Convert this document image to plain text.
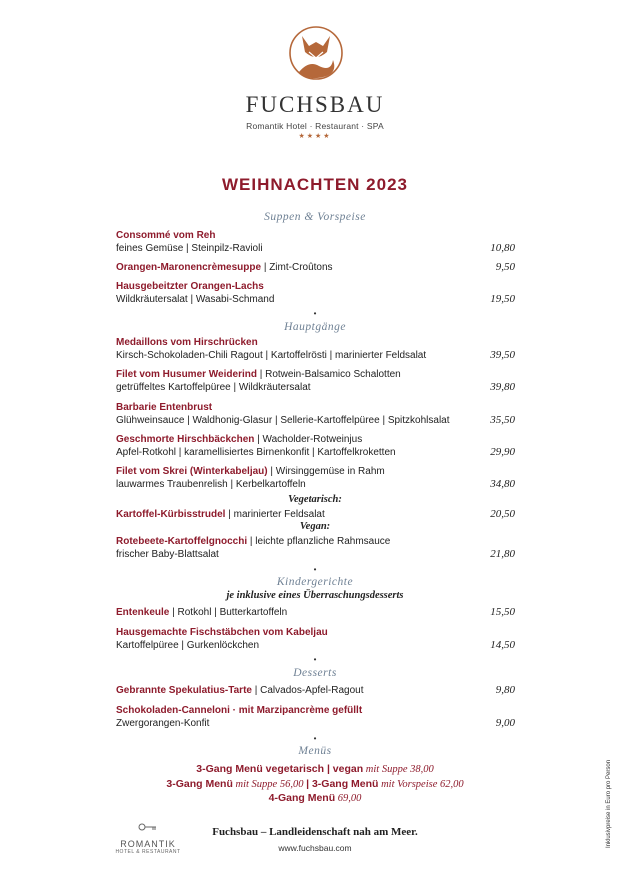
FUCHSBAU
Romantik Hotel · Restaurant · SPA
★★★★
WEIHNACHTEN 2023
Suppen & Vorspeise
Consommé vom Reh
feines Gemüse | Steinpilz-Ravioli	10,80
Orangen-Maronencrèmesuppe | Zimt-Croûtons	9,50
Hausgebeitzter Orangen-Lachs
Wildkräutersalat | Wasabi-Schmand	19,50
•
Hauptgänge
Medaillons vom Hirschrücken
Kirsch-Schokoladen-Chili Ragout | Kartoffelrösti | marinierter Feldsalat	39,50
Filet vom Husumer Weiderind | Rotwein-Balsamico Schalotten
getrüffeltes Kartoffelpüree | Wildkräutersalat	39,80
Barbarie Entenbrust
Glühweinsauce | Waldhonig-Glasur | Sellerie-Kartoffelpüree | Spitzkohlsalat	35,50
Geschmorte Hirschbäckchen | Wacholder-Rotweinjus
Apfel-Rotkohl | karamellisiertes Birnenkonfit | Kartoffelkroketten	29,90
Filet vom Skrei (Winterkabeljau) | Wirsinggemüse in Rahm
lauwarmes Traubenrelish | Kerbelkartoffeln	34,80
Vegetarisch:
Kartoffel-Kürbisstrudel | marinierter Feldsalat	20,50
Vegan:
Rotebeete-Kartoffelgnocchi | leichte pflanzliche Rahmsauce
frischer Baby-Blattsalat	21,80
•
Kindergerichte
je inklusive eines Überraschungsdesserts
Entenkeule | Rotkohl | Butterkartoffeln	15,50
Hausgemachte Fischstäbchen vom Kabeljau
Kartoffelpüree | Gurkenlöckchen	14,50
•
Desserts
Gebrannte Spekulatius-Tarte | Calvados-Apfel-Ragout	9,80
Schokoladen-Canneloni · mit Marzipancrème gefüllt
Zwergorangen-Konfit	9,00
•
Menüs
3-Gang Menü vegetarisch | vegan mit Suppe 38,00
3-Gang Menü mit Suppe 56,00 | 3-Gang Menü mit Vorspeise 62,00
4-Gang Menü 69,00
ROMANTIK
HOTEL & RESTAURANT
Fuchsbau – Landleidenschaft nah am Meer.
www.fuchsbau.com	Inklusivpreise in Euro pro Person
